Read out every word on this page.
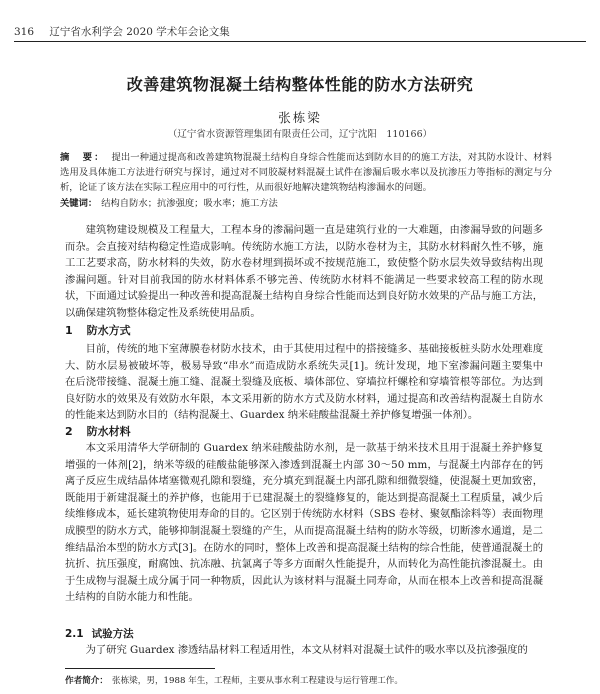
316 辽宁省水利学会 2020 学术年会论文集
改善建筑物混凝土结构整体性能的防水方法研究
张栋梁
（辽宁省水资源管理集团有限责任公司，辽宁沈阳　110166）
摘　要： 提出一种通过提高和改善建筑物混凝土结构自身综合性能而达到防水目的的施工方法，对其防水设计、材料选用及具体施工方法进行研究与探讨，通过对不同胶凝材料混凝土试件在渗漏后吸水率以及抗渗压力等指标的测定与分析，论证了该方法在实际工程应用中的可行性，从而很好地解决建筑物结构渗漏水的问题。
关键词： 结构自防水；抗渗强度；吸水率；施工方法

建筑物建设规模及工程量大，工程本身的渗漏问题一直是建筑行业的一大难题，由渗漏导致的问题多而杂。会直接对结构稳定性造成影响。传统防水施工方法，以防水卷材为主，其防水材料耐久性不够，施工工艺要求高，防水材料的失效，防水卷材埋到损坏或不按规范施工，致使整个防水层失效导致结构出现渗漏问题。针对目前我国的防水材料体系不够完善、传统防水材料不能满足一些要求较高工程的防水现状，下面通过试验提出一种改善和提高混凝土结构自身综合性能而达到良好防水效果的产品与施工方法，以确保建筑物整体稳定性及系统使用品质。

1 防水方式

目前，传统的地下室薄膜卷材防水技术，由于其使用过程中的搭接缝多、基础接板桩头防水处理难度大、防水层易被破坏等，极易导致“串水”而造成防水系统失灵[1]。统计发现，地下室渗漏问题主要集中在后浇带接缝、混凝土施工缝、混凝土裂缝及底板、墙体部位、穿墙拉杆螺栓和穿墙管根等部位。为达到良好防水的效果及有效防水年限，本文采用新的防水方式及防水材料，通过提高和改善结构混凝土自防水的性能来达到防水目的（结构混凝土、Guardex 纳米硅酸盐混凝土养护修复增强一体剂）。

2 防水材料

本文采用清华大学研制的 Guardex 纳米硅酸盐防水剂，是一款基于纳米技术且用于混凝土养护修复增强的一体剂[2]，纳米等级的硅酸盐能够深入渗透到混凝土内部 30～50 mm，与混凝土内部存在的钙离子反应生成结晶体堵塞微观孔隙和裂缝，充分填充到混凝土内部孔隙和细微裂缝，使混凝土更加致密，既能用于新建混凝土的养护修，也能用于已建混凝土的裂缝修复的，能达到提高混凝土工程质量，减少后续维修成本，延长建筑物使用寿命的目的。它区别于传统防水材料（SBS 卷材、聚氨酯涂料等）表面物理成膜型的防水方式，能够抑制混凝土裂缝的产生，从而提高混凝土结构的防水等级，切断渗水通道，是二维结晶治本型的防水方式[3]。在防水的同时，整体上改善和提高混凝土结构的综合性能，使普通混凝土的抗折、抗压强度，耐腐蚀、抗冻融、抗氯离子等多方面耐久性能提升，从而转化为高性能抗渗混凝土。由于生成物与混凝土成分属于同一种物质，因此认为该材料与混凝土同寿命，从而在根本上改善和提高混凝土结构的自防水能力和性能。

2.1 试验方法

为了研究 Guardex 渗透结晶材料工程适用性，本文从材料对混凝土试件的吸水率以及抗渗强度的

作者简介： 张栋梁，男，1988 年生，工程师，主要从事水利工程建设与运行管理工作。
